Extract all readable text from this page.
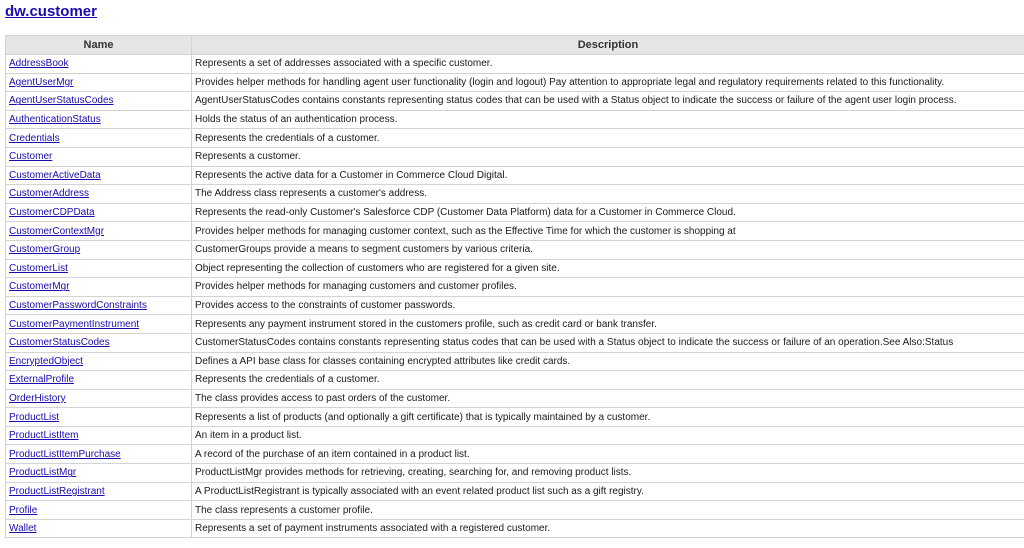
dw.customer
Name	Description
AddressBook	Represents a set of addresses associated with a specific customer.
AgentUserMgr	Provides helper methods for handling agent user functionality (login and logout) Pay attention to appropriate legal and regulatory requirements related to this functionality.
AgentUserStatusCodes	AgentUserStatusCodes contains constants representing status codes that can be used with a Status object to indicate the success or failure of the agent user login process.
AuthenticationStatus	Holds the status of an authentication process.
Credentials	Represents the credentials of a customer.
Customer	Represents a customer.
CustomerActiveData	Represents the active data for a Customer in Commerce Cloud Digital.
CustomerAddress	The Address class represents a customer's address.
CustomerCDPData	Represents the read-only Customer's Salesforce CDP (Customer Data Platform) data for a Customer in Commerce Cloud.
CustomerContextMgr	Provides helper methods for managing customer context, such as the Effective Time for which the customer is shopping at
CustomerGroup	CustomerGroups provide a means to segment customers by various criteria.
CustomerList	Object representing the collection of customers who are registered for a given site.
CustomerMgr	Provides helper methods for managing customers and customer profiles.
CustomerPasswordConstraints	Provides access to the constraints of customer passwords.
CustomerPaymentInstrument	Represents any payment instrument stored in the customers profile, such as credit card or bank transfer.
CustomerStatusCodes	CustomerStatusCodes contains constants representing status codes that can be used with a Status object to indicate the success or failure of an operation.See Also:Status
EncryptedObject	Defines a API base class for classes containing encrypted attributes like credit cards.
ExternalProfile	Represents the credentials of a customer.
OrderHistory	The class provides access to past orders of the customer.
ProductList	Represents a list of products (and optionally a gift certificate) that is typically maintained by a customer.
ProductListItem	An item in a product list.
ProductListItemPurchase	A record of the purchase of an item contained in a product list.
ProductListMgr	ProductListMgr provides methods for retrieving, creating, searching for, and removing product lists.
ProductListRegistrant	A ProductListRegistrant is typically associated with an event related product list such as a gift registry.
Profile	The class represents a customer profile.
Wallet	Represents a set of payment instruments associated with a registered customer.
